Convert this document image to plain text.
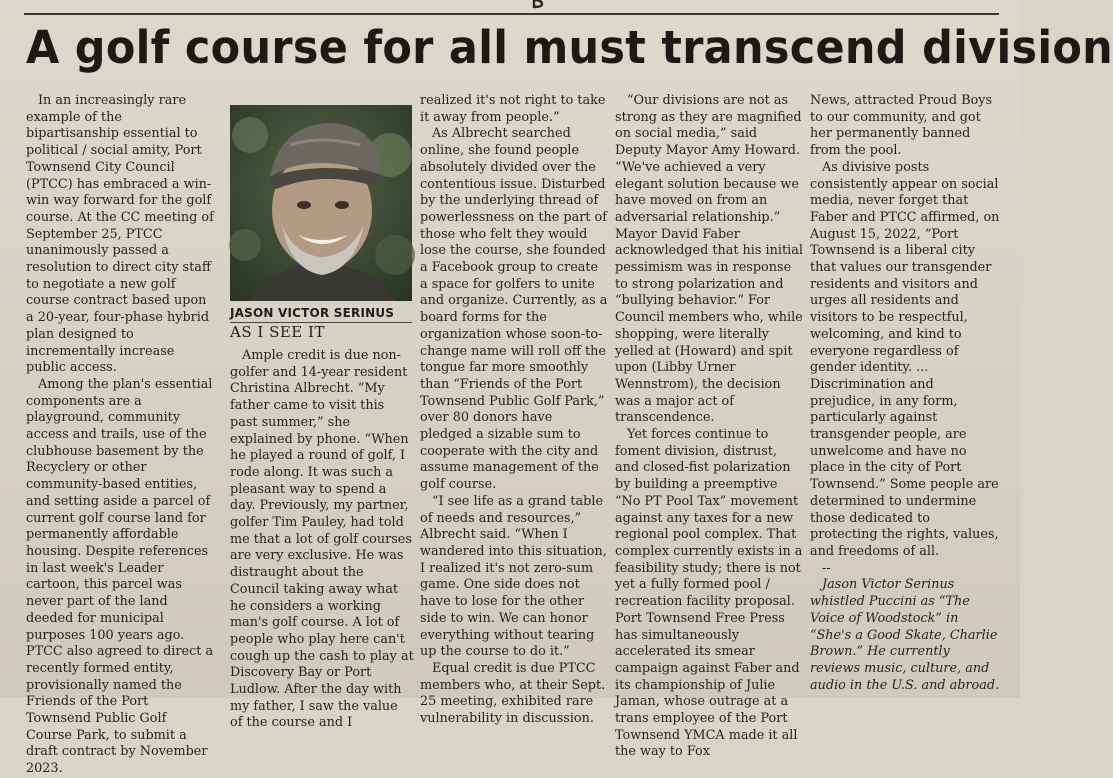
A golf course for all must transcend division

In an increasingly rare example of the bipartisanship essential to political / social amity, Port Townsend City Council (PTCC) has embraced a win-win way forward for the golf course. At the CC meeting of September 25, PTCC unanimously passed a resolution to direct city staff to negotiate a new golf course contract based upon a 20-year, four-phase hybrid plan designed to incrementally increase public access.

Among the plan's essential components are a playground, community access and trails, use of the clubhouse basement by the Recyclery or other community-based entities, and setting aside a parcel of current golf course land for permanently affordable housing. Despite references in last week's Leader cartoon, this parcel was never part of the land deeded for municipal purposes 100 years ago. PTCC also agreed to direct a recently formed entity, provisionally named the Friends of the Port Townsend Public Golf Course Park, to submit a draft contract by November 2023.

JASON VICTOR SERINUS
AS I SEE IT

Ample credit is due non-golfer and 14-year resident Christina Albrecht. “My father came to visit this past summer,” she explained by phone. “When he played a round of golf, I rode along. It was such a pleasant way to spend a day. Previously, my partner, golfer Tim Pauley, had told me that a lot of golf courses are very exclusive. He was distraught about the Council taking away what he considers a working man's golf course. A lot of people who play here can't cough up the cash to play at Discovery Bay or Port Ludlow. After the day with my father, I saw the value of the course and I

realized it's not right to take it away from people.”

As Albrecht searched online, she found people absolutely divided over the contentious issue. Disturbed by the underlying thread of powerlessness on the part of those who felt they would lose the course, she founded a Facebook group to create a space for golfers to unite and organize. Currently, as a board forms for the organization whose soon-to-change name will roll off the tongue far more smoothly than “Friends of the Port Townsend Public Golf Park,” over 80 donors have pledged a sizable sum to cooperate with the city and assume management of the golf course.

“I see life as a grand table of needs and resources,” Albrecht said. “When I wandered into this situation, I realized it's not zero-sum game. One side does not have to lose for the other side to win. We can honor everything without tearing up the course to do it.”

Equal credit is due PTCC members who, at their Sept. 25 meeting, exhibited rare vulnerability in discussion.

“Our divisions are not as strong as they are magnified on social media,” said Deputy Mayor Amy Howard. “We've achieved a very elegant solution because we have moved on from an adversarial relationship.” Mayor David Faber acknowledged that his initial pessimism was in response to strong polarization and “bullying behavior.” For Council members who, while shopping, were literally yelled at (Howard) and spit upon (Libby Urner Wennstrom), the decision was a major act of transcendence.

Yet forces continue to foment division, distrust, and closed-fist polarization by building a preemptive “No PT Pool Tax” movement against any taxes for a new regional pool complex. That complex currently exists in a feasibility study; there is not yet a fully formed pool / recreation facility proposal. Port Townsend Free Press has simultaneously accelerated its smear campaign against Faber and its championship of Julie Jaman, whose outrage at a trans employee of the Port Townsend YMCA made it all the way to Fox

News, attracted Proud Boys to our community, and got her permanently banned from the pool.

As divisive posts consistently appear on social media, never forget that Faber and PTCC affirmed, on August 15, 2022, “Port Townsend is a liberal city that values our transgender residents and visitors and urges all residents and visitors to be respectful, welcoming, and kind to everyone regardless of gender identity. ... Discrimination and prejudice, in any form, particularly against transgender people, are unwelcome and have no place in the city of Port Townsend.” Some people are determined to undermine those dedicated to protecting the rights, values, and freedoms of all.

--

Jason Victor Serinus whistled Puccini as “The Voice of Woodstock” in “She's a Good Skate, Charlie Brown.” He currently reviews music, culture, and audio in the U.S. and abroad.
